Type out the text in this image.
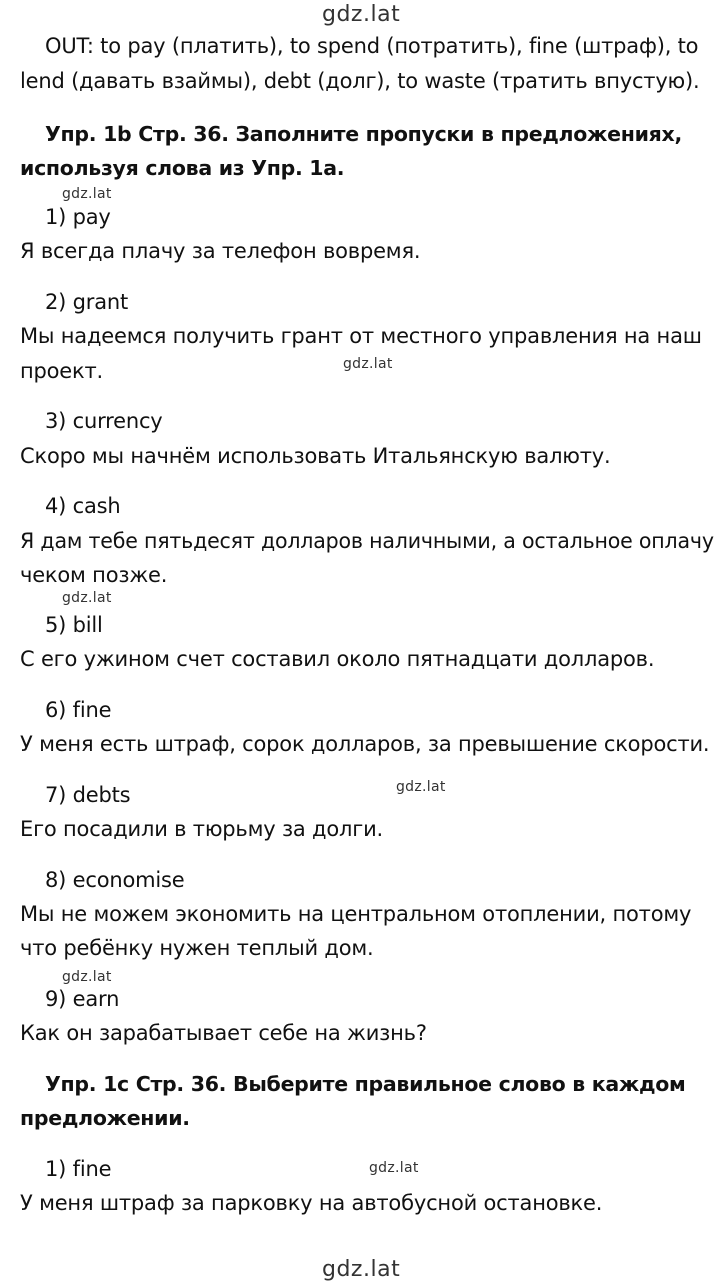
gdz.lat
gdz.lat
gdz.lat
gdz.lat
gdz.lat
gdz.lat
gdz.lat
gdz.lat
OUT: to pay (платить), to spend (потратить), fine (штраф), to
lend (давать взаймы), debt (долг), to waste (тратить впустую).
Упр. 1b Стр. 36. Заполните пропуски в предложениях,
используя слова из Упр. 1а.
1) pay
Я всегда плачу за телефон вовремя.
2) grant
Мы надеемся получить грант от местного управления на наш
проект.
3) currency
Скоро мы начнём использовать Итальянскую валюту.
4) cash
Я дам тебе пятьдесят долларов наличными, а остальное оплачу
чеком позже.
5) bill
С его ужином счет составил около пятнадцати долларов.
6) fine
У меня есть штраф, сорок долларов, за превышение скорости.
7) debts
Его посадили в тюрьму за долги.
8) economise
Мы не можем экономить на центральном отоплении, потому
что ребёнку нужен теплый дом.
9) earn
Как он зарабатывает себе на жизнь?
Упр. 1c Стр. 36. Выберите правильное слово в каждом
предложении.
1) fine
У меня штраф за парковку на автобусной остановке.
